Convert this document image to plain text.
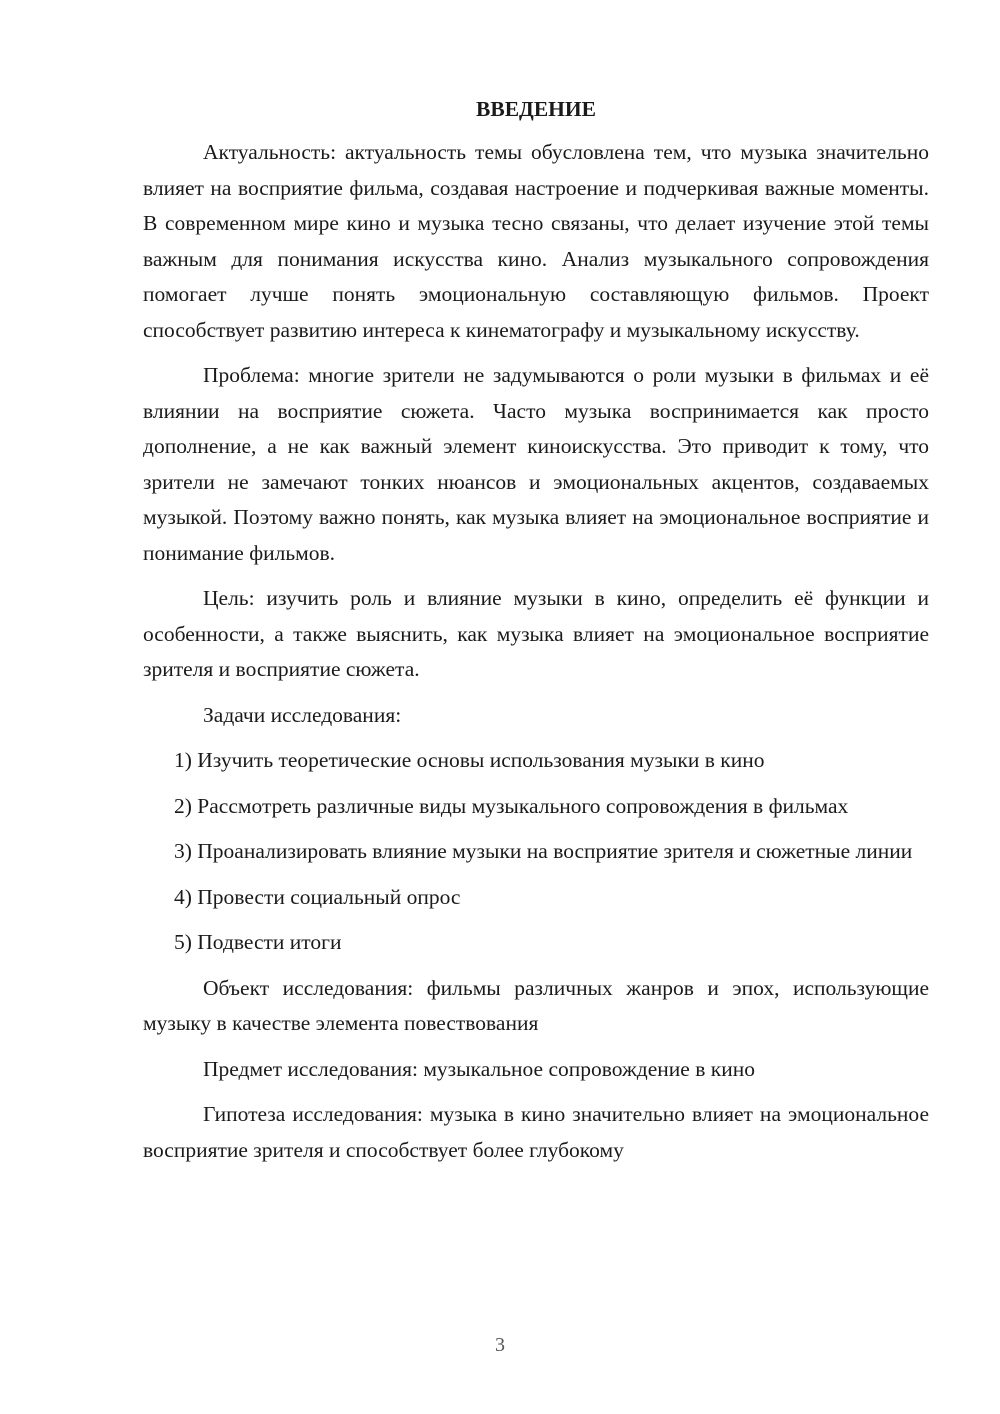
ВВЕДЕНИЕ

Актуальность: актуальность темы обусловлена тем, что музыка значительно влияет на восприятие фильма, создавая настроение и подчеркивая важные моменты. В современном мире кино и музыка тесно связаны, что делает изучение этой темы важным для понимания искусства кино. Анализ музыкального сопровождения помогает лучше понять эмоциональную составляющую фильмов. Проект способствует развитию интереса к кинематографу и музыкальному искусству.

Проблема: многие зрители не задумываются о роли музыки в фильмах и её влиянии на восприятие сюжета. Часто музыка воспринимается как просто дополнение, а не как важный элемент киноискусства. Это приводит к тому, что зрители не замечают тонких нюансов и эмоциональных акцентов, создаваемых музыкой. Поэтому важно понять, как музыка влияет на эмоциональное восприятие и понимание фильмов.

Цель: изучить роль и влияние музыки в кино, определить её функции и особенности, а также выяснить, как музыка влияет на эмоциональное восприятие зрителя и восприятие сюжета.

Задачи исследования:

1) Изучить теоретические основы использования музыки в кино

2) Рассмотреть различные виды музыкального сопровождения в фильмах

3) Проанализировать влияние музыки на восприятие зрителя и сюжетные линии

4) Провести социальный опрос

5) Подвести итоги

Объект исследования: фильмы различных жанров и эпох, использующие музыку в качестве элемента повествования

Предмет исследования: музыкальное сопровождение в кино

Гипотеза исследования: музыка в кино значительно влияет на эмоциональное восприятие зрителя и способствует более глубокому

3
